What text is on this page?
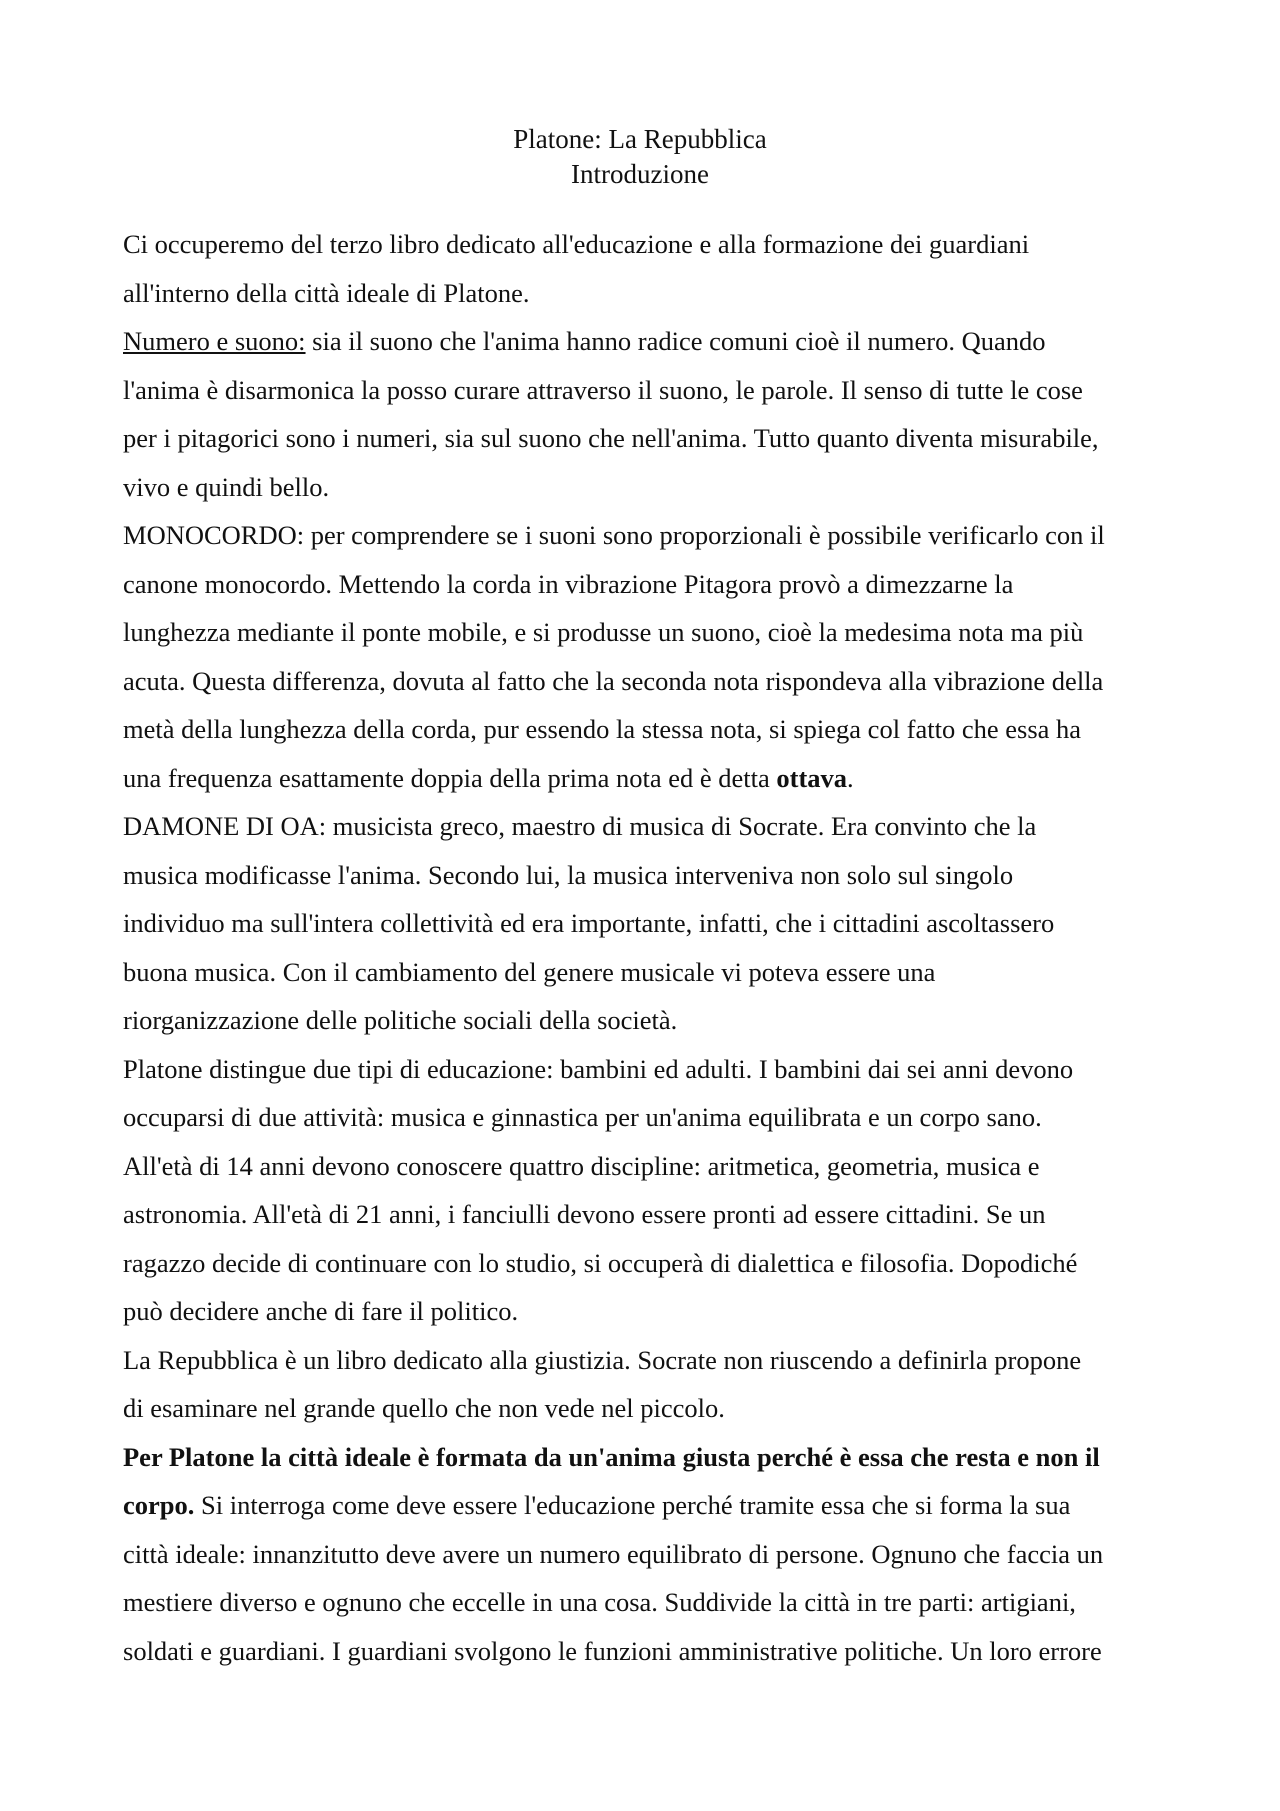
Platone: La Repubblica
Introduzione
Ci occuperemo del terzo libro dedicato all'educazione e alla formazione dei guardiani
all'interno della città ideale di Platone.
Numero e suono: sia il suono che l'anima hanno radice comuni cioè il numero. Quando
l'anima è disarmonica la posso curare attraverso il suono, le parole. Il senso di tutte le cose
per i pitagorici sono i numeri, sia sul suono che nell'anima. Tutto quanto diventa misurabile,
vivo e quindi bello.
MONOCORDO: per comprendere se i suoni sono proporzionali è possibile verificarlo con il
canone monocordo. Mettendo la corda in vibrazione Pitagora provò a dimezzarne la
lunghezza mediante il ponte mobile, e si produsse un suono, cioè la medesima nota ma più
acuta. Questa differenza, dovuta al fatto che la seconda nota rispondeva alla vibrazione della
metà della lunghezza della corda, pur essendo la stessa nota, si spiega col fatto che essa ha
una frequenza esattamente doppia della prima nota ed è detta ottava.
DAMONE DI OA: musicista greco, maestro di musica di Socrate. Era convinto che la
musica modificasse l'anima. Secondo lui, la musica interveniva non solo sul singolo
individuo ma sull'intera collettività ed era importante, infatti, che i cittadini ascoltassero
buona musica. Con il cambiamento del genere musicale vi poteva essere una
riorganizzazione delle politiche sociali della società.
Platone distingue due tipi di educazione: bambini ed adulti. I bambini dai sei anni devono
occuparsi di due attività: musica e ginnastica per un'anima equilibrata e un corpo sano.
All'età di 14 anni devono conoscere quattro discipline: aritmetica, geometria, musica e
astronomia. All'età di 21 anni, i fanciulli devono essere pronti ad essere cittadini. Se un
ragazzo decide di continuare con lo studio, si occuperà di dialettica e filosofia. Dopodiché
può decidere anche di fare il politico.
La Repubblica è un libro dedicato alla giustizia. Socrate non riuscendo a definirla propone
di esaminare nel grande quello che non vede nel piccolo.
Per Platone la città ideale è formata da un'anima giusta perché è essa che resta e non il
corpo. Si interroga come deve essere l'educazione perché tramite essa che si forma la sua
città ideale: innanzitutto deve avere un numero equilibrato di persone. Ognuno che faccia un
mestiere diverso e ognuno che eccelle in una cosa. Suddivide la città in tre parti: artigiani,
soldati e guardiani. I guardiani svolgono le funzioni amministrative politiche. Un loro errore
